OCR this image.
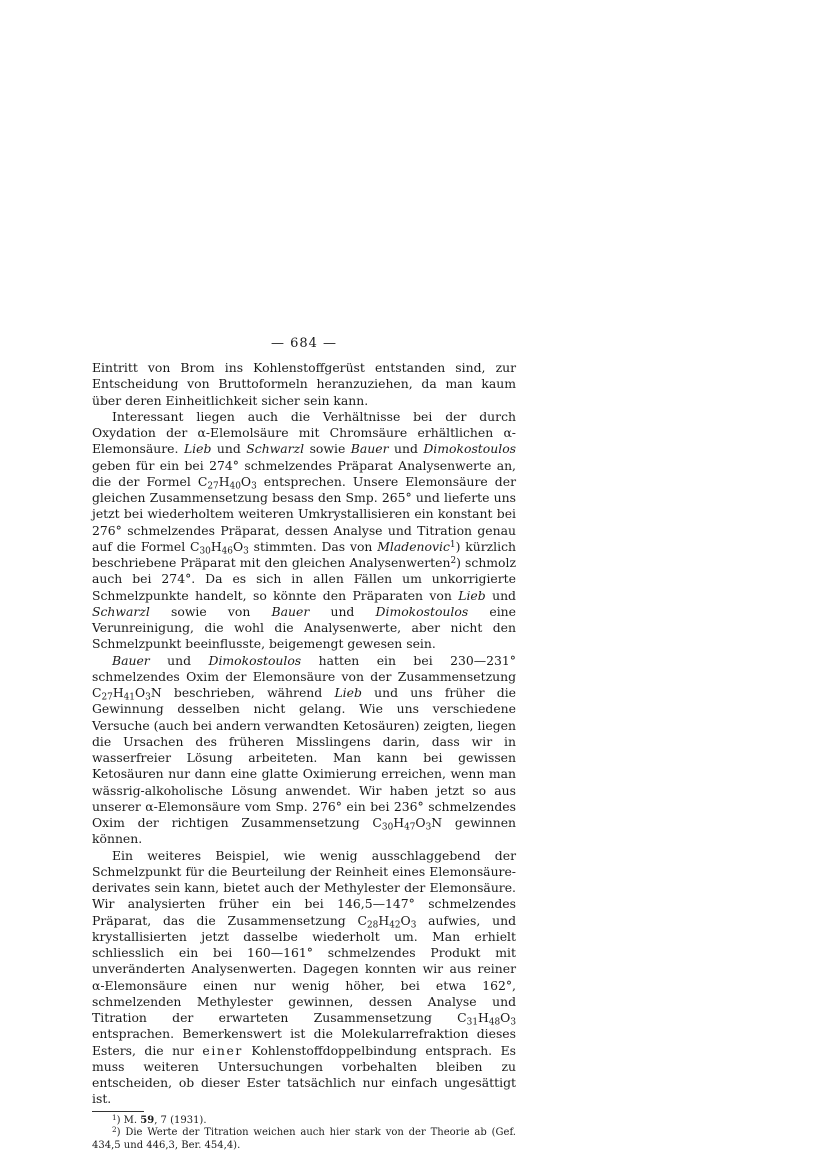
— 684 —

Eintritt von Brom ins Kohlenstoffgerüst entstanden sind, zur Entscheidung von Bruttoformeln heranzuziehen, da man kaum über deren Einheitlichkeit sicher sein kann.

Interessant liegen auch die Verhältnisse bei der durch Oxydation der α-Elemolsäure mit Chromsäure erhältlichen α-Elemonsäure. Lieb und Schwarzl sowie Bauer und Dimokostoulos geben für ein bei 274° schmelzendes Präparat Analysenwerte an, die der Formel $C_{27}H_{40}O_3$ entsprechen. Unsere Elemonsäure der gleichen Zusammensetzung besass den Smp. 265° und lieferte uns jetzt bei wiederholtem weiteren Umkrystallisieren ein konstant bei 276° schmelzendes Präparat, dessen Analyse und Titration genau auf die Formel $C_{30}H_{46}O_3$ stimmten. Das von Mladenovic$^1$) kürzlich beschriebene Präparat mit den gleichen Analysenwerten$^2$) schmolz auch bei 274°. Da es sich in allen Fällen um unkorrigierte Schmelzpunkte handelt, so könnte den Präparaten von Lieb und Schwarzl sowie von Bauer und Dimokostoulos eine Verunreinigung, die wohl die Analysenwerte, aber nicht den Schmelzpunkt beeinflusste, beigemengt gewesen sein.

Bauer und Dimokostoulos hatten ein bei 230—231° schmelzendes Oxim der Elemonsäure von der Zusammensetzung $C_{27}H_{41}O_3N$ beschrieben, während Lieb und uns früher die Gewinnung desselben nicht gelang. Wie uns verschiedene Versuche (auch bei andern verwandten Ketosäuren) zeigten, liegen die Ursachen des früheren Misslingens darin, dass wir in wasserfreier Lösung arbeiteten. Man kann bei gewissen Ketosäuren nur dann eine glatte Oximierung erreichen, wenn man wässrig-alkoholische Lösung anwendet. Wir haben jetzt so aus unserer α-Elemonsäure vom Smp. 276° ein bei 236° schmelzendes Oxim der richtigen Zusammensetzung $C_{30}H_{47}O_3N$ gewinnen können.

Ein weiteres Beispiel, wie wenig ausschlaggebend der Schmelzpunkt für die Beurteilung der Reinheit eines Elemonsäure-derivates sein kann, bietet auch der Methylester der Elemonsäure. Wir analysierten früher ein bei 146,5—147° schmelzendes Präparat, das die Zusammensetzung $C_{28}H_{42}O_3$ aufwies, und krystallisierten jetzt dasselbe wiederholt um. Man erhielt schliesslich ein bei 160—161° schmelzendes Produkt mit unveränderten Analysenwerten. Dagegen konnten wir aus reiner α-Elemonsäure einen nur wenig höher, bei etwa 162°, schmelzenden Methylester gewinnen, dessen Analyse und Titration der erwarteten Zusammensetzung $C_{31}H_{48}O_3$ entsprachen. Bemerkenswert ist die Molekularrefraktion dieses Esters, die nur einer Kohlenstoffdoppelbindung entsprach. Es muss weiteren Untersuchungen vorbehalten bleiben zu entscheiden, ob dieser Ester tatsächlich nur einfach ungesättigt ist.

$^1$) M. 59, 7 (1931).

$^2$) Die Werte der Titration weichen auch hier stark von der Theorie ab (Gef. 434,5 und 446,3, Ber. 454,4).
